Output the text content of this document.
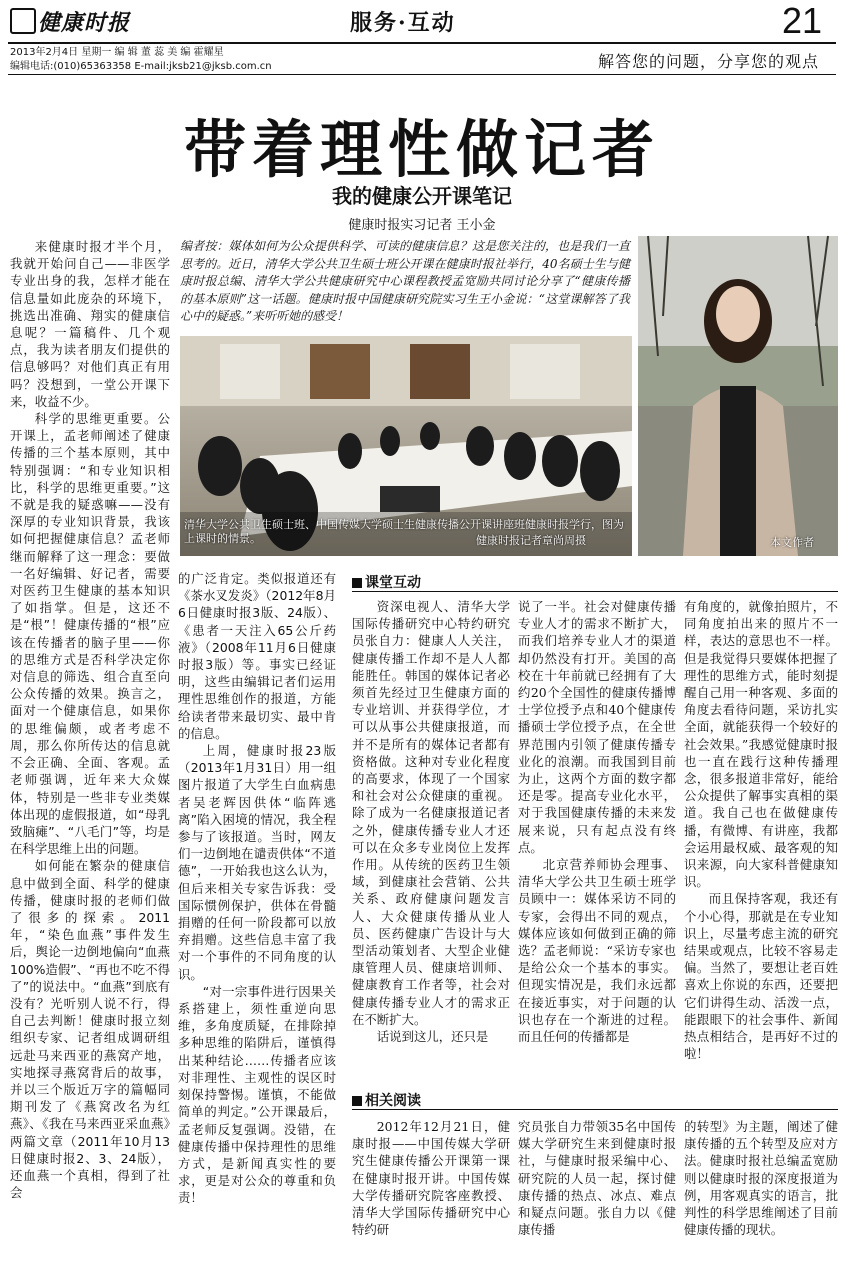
健康时报	服务·互动	21
2013年2月4日 星期一 编 辑 董 蕊 美 编 霍耀星
编辑电话:(010)65363358 E-mail:jksb21@jksb.com.cn	解答您的问题，分享您的观点
带着理性做记者
我的健康公开课笔记
健康时报实习记者 王小金
编者按：媒体如何为公众提供科学、可读的健康信息？这是您关注的，也是我们一直思考的。近日，清华大学公共卫生硕士班公开课在健康时报社举行，40名硕士生与健康时报总编、清华大学公共健康研究中心课程教授孟宽励共同讨论分享了“健康传播的基本原则”这一话题。健康时报中国健康研究院实习生王小金说：“这堂课解答了我心中的疑惑。”来听听她的感受！
清华大学公共卫生硕士班、中国传媒大学硕士生健康传播公开课讲座班健康时报学行，图为上课时的情景。	健康时报记者章尚周摄	本文作者

来健康时报才半个月，我就开始问自己——非医学专业出身的我，怎样才能在信息量如此庞杂的环境下，挑选出准确、翔实的健康信息呢？一篇稿件、几个观点，我为读者朋友们提供的信息够吗？对他们真正有用吗？没想到，一堂公开课下来，收益不少。

科学的思维更重要。公开课上，孟老师阐述了健康传播的三个基本原则，其中特别强调：“和专业知识相比，科学的思维更重要。”这不就是我的疑惑嘛——没有深厚的专业知识背景，我该如何把握健康信息？孟老师继而解释了这一理念：要做一名好编辑、好记者，需要对医药卫生健康的基本知识了如指掌。但是，这还不是“根”！健康传播的“根”应该在传播者的脑子里——你的思维方式是否科学决定你对信息的筛选、组合直至向公众传播的效果。换言之，面对一个健康信息，如果你的思维偏颇，或者考虑不周，那么你所传达的信息就不会正确、全面、客观。孟老师强调，近年来大众媒体，特别是一些非专业类媒体出现的虚假报道，如“母乳致脑瘫”、“八毛门”等，均是在科学思维上出的问题。

如何能在繁杂的健康信息中做到全面、科学的健康传播，健康时报的老师们做了很多的探索。2011年，“染色血燕”事件发生后，舆论一边倒地偏向“血燕100%造假”、“再也不吃不得了”的说法中。“血燕”到底有没有？光听别人说不行，得自己去判断！健康时报立刻组织专家、记者组成调研组远赴马来西亚的燕窝产地，实地探寻燕窝背后的故事，并以三个版近万字的篇幅同期刊发了《燕窝改名为红燕》、《我在马来西亚采血燕》两篇文章（2011年10月13日健康时报2、3、24版），还血燕一个真相，得到了社会

的广泛肯定。类似报道还有《茶水叉发炎》（2012年8月6日健康时报3版、24版）、《患者一天注入65公斤药液》（2008年11月6日健康时报3版）等。事实已经证明，这些由编辑记者们运用理性思维创作的报道，方能给读者带来最切实、最中肯的信息。

上周，健康时报23版（2013年1月31日）用一组图片报道了大学生白血病患者吴老辉因供体“临阵逃离”陷入困境的情况，我全程参与了该报道。当时，网友们一边倒地在谴责供体“不道德”，一开始我也这么认为，但后来相关专家告诉我：受国际惯例保护，供体在骨髓捐赠的任何一阶段都可以放弃捐赠。这些信息丰富了我对一个事件的不同角度的认识。

“对一宗事件进行因果关系搭建上，须性重逆向思维，多角度质疑，在排除掉多种思维的陷阱后，谨慎得出某种结论……传播者应该对非理性、主观性的误区时刻保持警惕。谨慎，不能做简单的判定。”公开课最后，孟老师反复强调。没错，在健康传播中保持理性的思维方式，是新闻真实性的要求，更是对公众的尊重和负责！

课堂互动

资深电视人、清华大学国际传播研究中心特约研究员张自力：健康人人关注，健康传播工作却不是人人都能胜任。韩国的媒体记者必须首先经过卫生健康方面的专业培训、并获得学位，才可以从事公共健康报道，而并不是所有的媒体记者都有资格做。这种对专业化程度的高要求，体现了一个国家和社会对公众健康的重视。除了成为一名健康报道记者之外，健康传播专业人才还可以在众多专业岗位上发挥作用。从传统的医药卫生领域，到健康社会营销、公共关系、政府健康问题发言人、大众健康传播从业人员、医药健康广告设计与大型活动策划者、大型企业健康管理人员、健康培训师、健康教育工作者等，社会对健康传播专业人才的需求正在不断扩大。

话说到这儿，还只是

说了一半。社会对健康传播专业人才的需求不断扩大，而我们培养专业人才的渠道却仍然没有打开。美国的高校在十年前就已经拥有了大约20个全国性的健康传播博士学位授予点和40个健康传播硕士学位授予点，在全世界范围内引领了健康传播专业化的浪潮。而我国到目前为止，这两个方面的数字都还是零。提高专业化水平，对于我国健康传播的未来发展来说，只有起点没有终点。

北京营养师协会理事、清华大学公共卫生硕士班学员顾中一：媒体采访不同的专家，会得出不同的观点，媒体应该如何做到正确的筛选？孟老师说：“采访专家也是给公众一个基本的事实。但现实情况是，我们永远都在接近事实，对于问题的认识也存在一个渐进的过程。而且任何的传播都是

有角度的，就像拍照片，不同角度拍出来的照片不一样，表达的意思也不一样。但是我觉得只要媒体把握了理性的思维方式，能时刻提醒自己用一种客观、多面的角度去看待问题，采访扎实全面，就能获得一个较好的社会效果。”我感觉健康时报也一直在践行这种传播理念，很多报道非常好，能给公众提供了解事实真相的渠道。我自己也在做健康传播，有微博、有讲座，我都会运用最权威、最客观的知识来源，向大家科普健康知识。

而且保持客观，我还有个小心得，那就是在专业知识上，尽量考虑主流的研究结果或观点，比较不容易走偏。当然了，要想让老百姓喜欢上你说的东西，还要把它们讲得生动、活泼一点，能跟眼下的社会事件、新闻热点相结合，是再好不过的啦！

相关阅读

2012年12月21日，健康时报——中国传媒大学研究生健康传播公开课第一课在健康时报开讲。中国传媒大学传播研究院客座教授、清华大学国际传播研究中心特约研

究员张自力带领35名中国传媒大学研究生来到健康时报社，与健康时报采编中心、研究院的人员一起，探讨健康传播的热点、冰点、难点和疑点问题。张自力以《健康传播

的转型》为主题，阐述了健康传播的五个转型及应对方法。健康时报社总编孟宽励则以健康时报的深度报道为例，用客观真实的语言，批判性的科学思维阐述了目前健康传播的现状。
